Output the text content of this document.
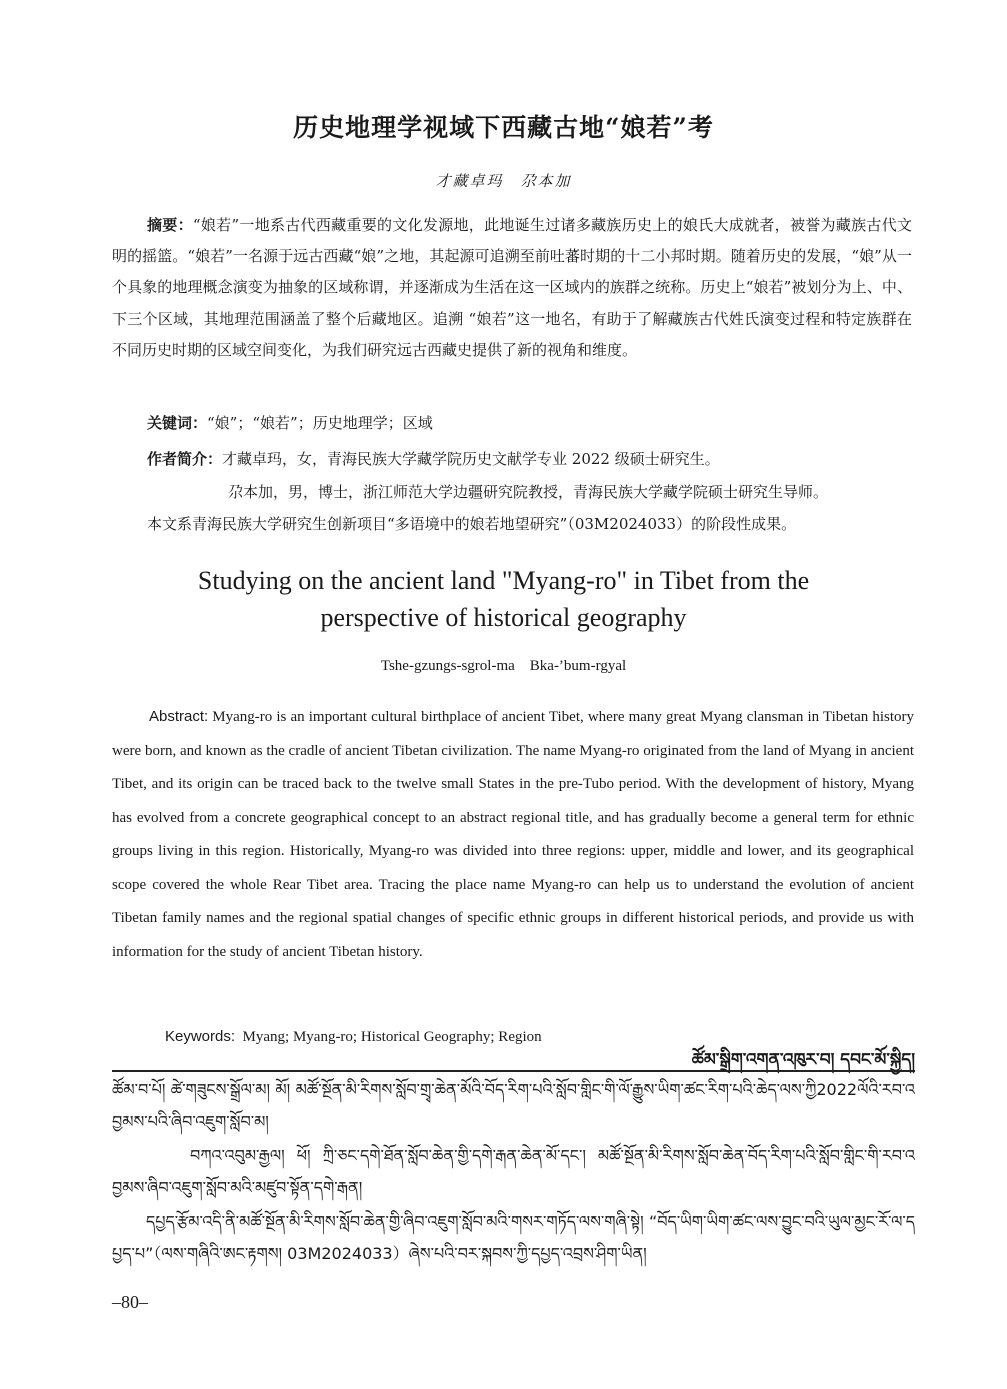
历史地理学视域下西藏古地“娘若”考
才藏卓玛　尕本加
摘要：“娘若”一地系古代西藏重要的文化发源地，此地诞生过诸多藏族历史上的娘氏大成就者，被誉为藏族古代文明的摇篮。“娘若”一名源于远古西藏“娘”之地，其起源可追溯至前吐蕃时期的十二小邦时期。随着历史的发展，“娘”从一个具象的地理概念演变为抽象的区域称谓，并逐渐成为生活在这一区域内的族群之统称。历史上“娘若”被划分为上、中、下三个区域，其地理范围涵盖了整个后藏地区。追溯 “娘若”这一地名，有助于了解藏族古代姓氏演变过程和特定族群在不同历史时期的区域空间变化，为我们研究远古西藏史提供了新的视角和维度。
关键词：“娘”；“娘若”；历史地理学；区域
作者简介：才藏卓玛，女，青海民族大学藏学院历史文献学专业 2022 级硕士研究生。
尕本加，男，博士，浙江师范大学边疆研究院教授，青海民族大学藏学院硕士研究生导师。
本文系青海民族大学研究生创新项目“多语境中的娘若地望研究”（03M2024033）的阶段性成果。
Studying on the ancient land "Myang-ro" in Tibet from the
perspective of historical geography
Tshe-gzungs-sgrol-ma    Bka-’bum-rgyal
Abstract: Myang-ro is an important cultural birthplace of ancient Tibet, where many great Myang clansman in Tibetan history were born, and known as the cradle of ancient Tibetan civilization. The name Myang-ro originated from the land of Myang in ancient Tibet, and its origin can be traced back to the twelve small States in the pre-Tubo period. With the development of history, Myang has evolved from a concrete geographical concept to an abstract regional title, and has gradually become a general term for ethnic groups living in this region. Historically, Myang-ro was divided into three regions: upper, middle and lower, and its geographical scope covered the whole Rear Tibet area. Tracing the place name Myang-ro can help us to understand the evolution of ancient Tibetan family names and the regional spatial changes of specific ethnic groups in different historical periods, and provide us with information for the study of ancient Tibetan history.

Keywords:  Myang; Myang-ro; Historical Geography; Region

ཚོམ་སྒྲིག་འགན་འཁུར་བ། དབང་མོ་སྐྱིད།
ཚོམ་བ་པོ། ཚེ་གཟུངས་སྒྲོལ་མ། མོ། མཚོ་སྔོན་མི་རིགས་སློབ་གྲྭ་ཆེན་མོའི་བོད་རིག་པའི་སློབ་གླིང་གི་ལོ་རྒྱུས་ཡིག་ཚང་རིག་པའི་ཆེད་ལས་ཀྱི2022ལོའི་རབ་འབྱམས་པའི་ཞིབ་འཇུག་སློབ་མ།
བཀའ་འབུམ་རྒྱལ། ཕོ། ཀྲི་ཅང་དགེ་ཐོན་སློབ་ཆེན་གྱི་དགེ་རྒན་ཆེན་མོ་དང་། མཚོ་སྔོན་མི་རིགས་སློབ་ཆེན་བོད་རིག་པའི་སློབ་གླིང་གི་རབ་འབྱམས་ཞིབ་འཇུག་སློབ་མའི་མཛུབ་སྟོན་དགེ་རྒན།
དཔྱད་རྩོམ་འདི་ནི་མཚོ་སྔོན་མི་རིགས་སློབ་ཆེན་གྱི་ཞིབ་འཇུག་སློབ་མའི་གསར་གཏོད་ལས་གཞི་སྟེ། “བོད་ཡིག་ཡིག་ཚང་ལས་བྱུང་བའི་ཡུལ་མྱང་རོ་ལ་དཔྱད་པ”（ལས་གཞིའི་ཨང་རྟགས། 03M2024033）ཞེས་པའི་བར་སྐབས་ཀྱི་དཔྱད་འབྲས་ཤིག་ཡིན།
–80–
